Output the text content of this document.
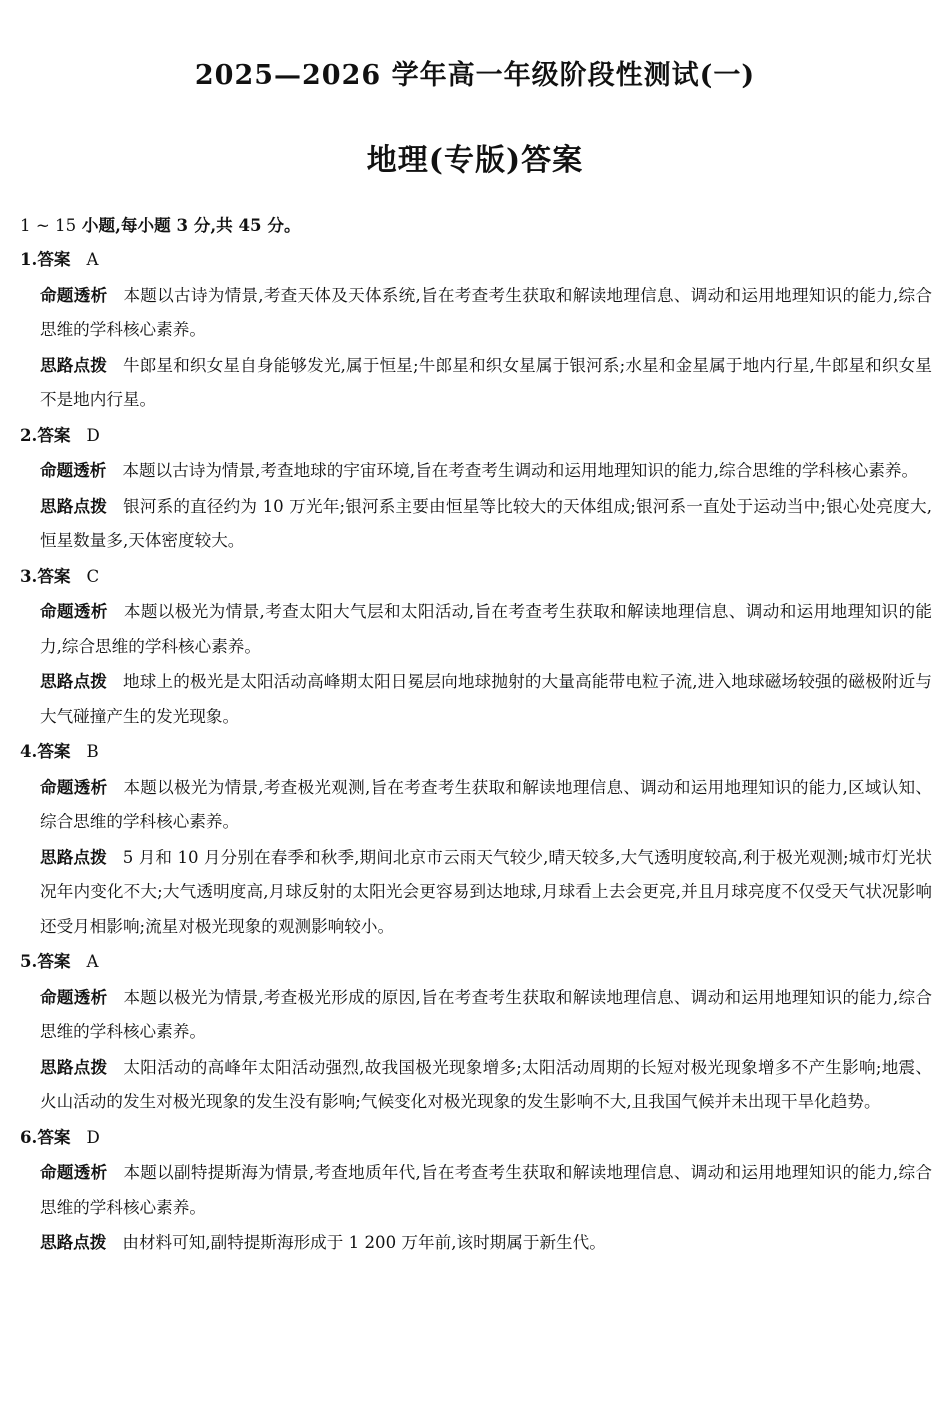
2025—2026 学年高一年级阶段性测试(一)
地理(专版)答案
1 ~ 15 小题,每小题 3 分,共 45 分。
1.答案 A
命题透析 本题以古诗为情景,考查天体及天体系统,旨在考查考生获取和解读地理信息、调动和运用地理知识的能力,综合思维的学科核心素养。
思路点拨 牛郎星和织女星自身能够发光,属于恒星;牛郎星和织女星属于银河系;水星和金星属于地内行星,牛郎星和织女星不是地内行星。
2.答案 D
命题透析 本题以古诗为情景,考查地球的宇宙环境,旨在考查考生调动和运用地理知识的能力,综合思维的学科核心素养。
思路点拨 银河系的直径约为 10 万光年;银河系主要由恒星等比较大的天体组成;银河系一直处于运动当中;银心处亮度大,恒星数量多,天体密度较大。
3.答案 C
命题透析 本题以极光为情景,考查太阳大气层和太阳活动,旨在考查考生获取和解读地理信息、调动和运用地理知识的能力,综合思维的学科核心素养。
思路点拨 地球上的极光是太阳活动高峰期太阳日冕层向地球抛射的大量高能带电粒子流,进入地球磁场较强的磁极附近与大气碰撞产生的发光现象。
4.答案 B
命题透析 本题以极光为情景,考查极光观测,旨在考查考生获取和解读地理信息、调动和运用地理知识的能力,区域认知、综合思维的学科核心素养。
思路点拨 5 月和 10 月分别在春季和秋季,期间北京市云雨天气较少,晴天较多,大气透明度较高,利于极光观测;城市灯光状况年内变化不大;大气透明度高,月球反射的太阳光会更容易到达地球,月球看上去会更亮,并且月球亮度不仅受天气状况影响还受月相影响;流星对极光现象的观测影响较小。
5.答案 A
命题透析 本题以极光为情景,考查极光形成的原因,旨在考查考生获取和解读地理信息、调动和运用地理知识的能力,综合思维的学科核心素养。
思路点拨 太阳活动的高峰年太阳活动强烈,故我国极光现象增多;太阳活动周期的长短对极光现象增多不产生影响;地震、火山活动的发生对极光现象的发生没有影响;气候变化对极光现象的发生影响不大,且我国气候并未出现干旱化趋势。
6.答案 D
命题透析 本题以副特提斯海为情景,考查地质年代,旨在考查考生获取和解读地理信息、调动和运用地理知识的能力,综合思维的学科核心素养。
思路点拨 由材料可知,副特提斯海形成于 1 200 万年前,该时期属于新生代。
